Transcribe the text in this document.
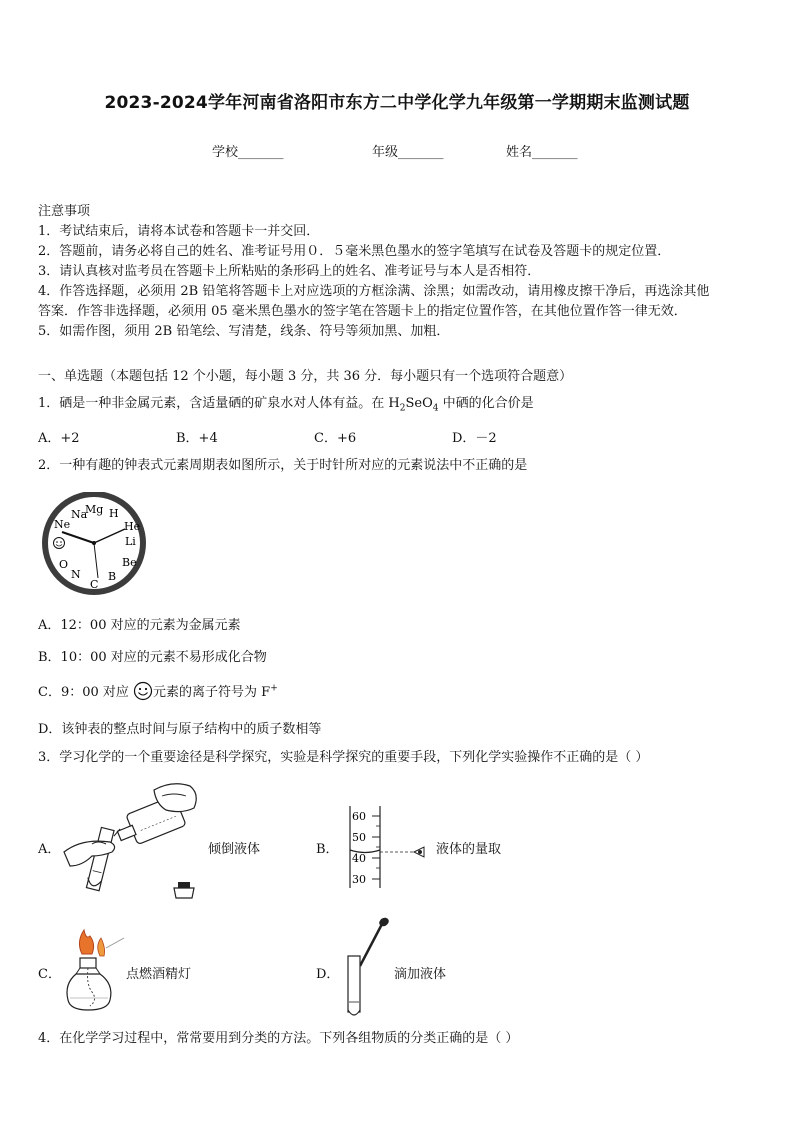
2023-2024学年河南省洛阳市东方二中学化学九年级第一学期期末监测试题
学校_______	年级_______	姓名_______
注意事项
1．考试结束后，请将本试卷和答题卡一并交回．
2．答题前，请务必将自己的姓名、准考证号用０．５毫米黑色墨水的签字笔填写在试卷及答题卡的规定位置．
3．请认真核对监考员在答题卡上所粘贴的条形码上的姓名、准考证号与本人是否相符．
4．作答选择题，必须用 2B 铅笔将答题卡上对应选项的方框涂满、涂黑；如需改动，请用橡皮擦干净后，再选涂其他
答案．作答非选择题，必须用 05 毫米黑色墨水的签字笔在答题卡上的指定位置作答，在其他位置作答一律无效．
5．如需作图，须用 2B 铅笔绘、写清楚，线条、符号等须加黑、加粗．
一、单选题（本题包括 12 个小题，每小题 3 分，共 36 分．每小题只有一个选项符合题意）
1．硒是一种非金属元素，含适量硒的矿泉水对人体有益。在 $H_2SeO_4$ 中硒的化合价是
A．+2	B．+4	C．+6	D．－2
2．一种有趣的钟表式元素周期表如图所示，关于时针所对应的元素说法中不正确的是
Na
Mg H
Ne	He
Li
Be
O
N
C
B
A．12：00 对应的元素为金属元素
B．10：00 对应的元素不易形成化合物
C．9：00 对应 元素的离子符号为 F+
D．该钟表的整点时间与原子结构中的质子数相等
3．学习化学的一个重要途径是科学探究，实验是科学探究的重要手段，下列化学实验操作不正确的是（ ）
A．	倾倒液体	B．
60
50
40
30
液体的量取
C．	点燃酒精灯	D．	滴加液体
4．在化学学习过程中，常常要用到分类的方法。下列各组物质的分类正确的是（ ）
